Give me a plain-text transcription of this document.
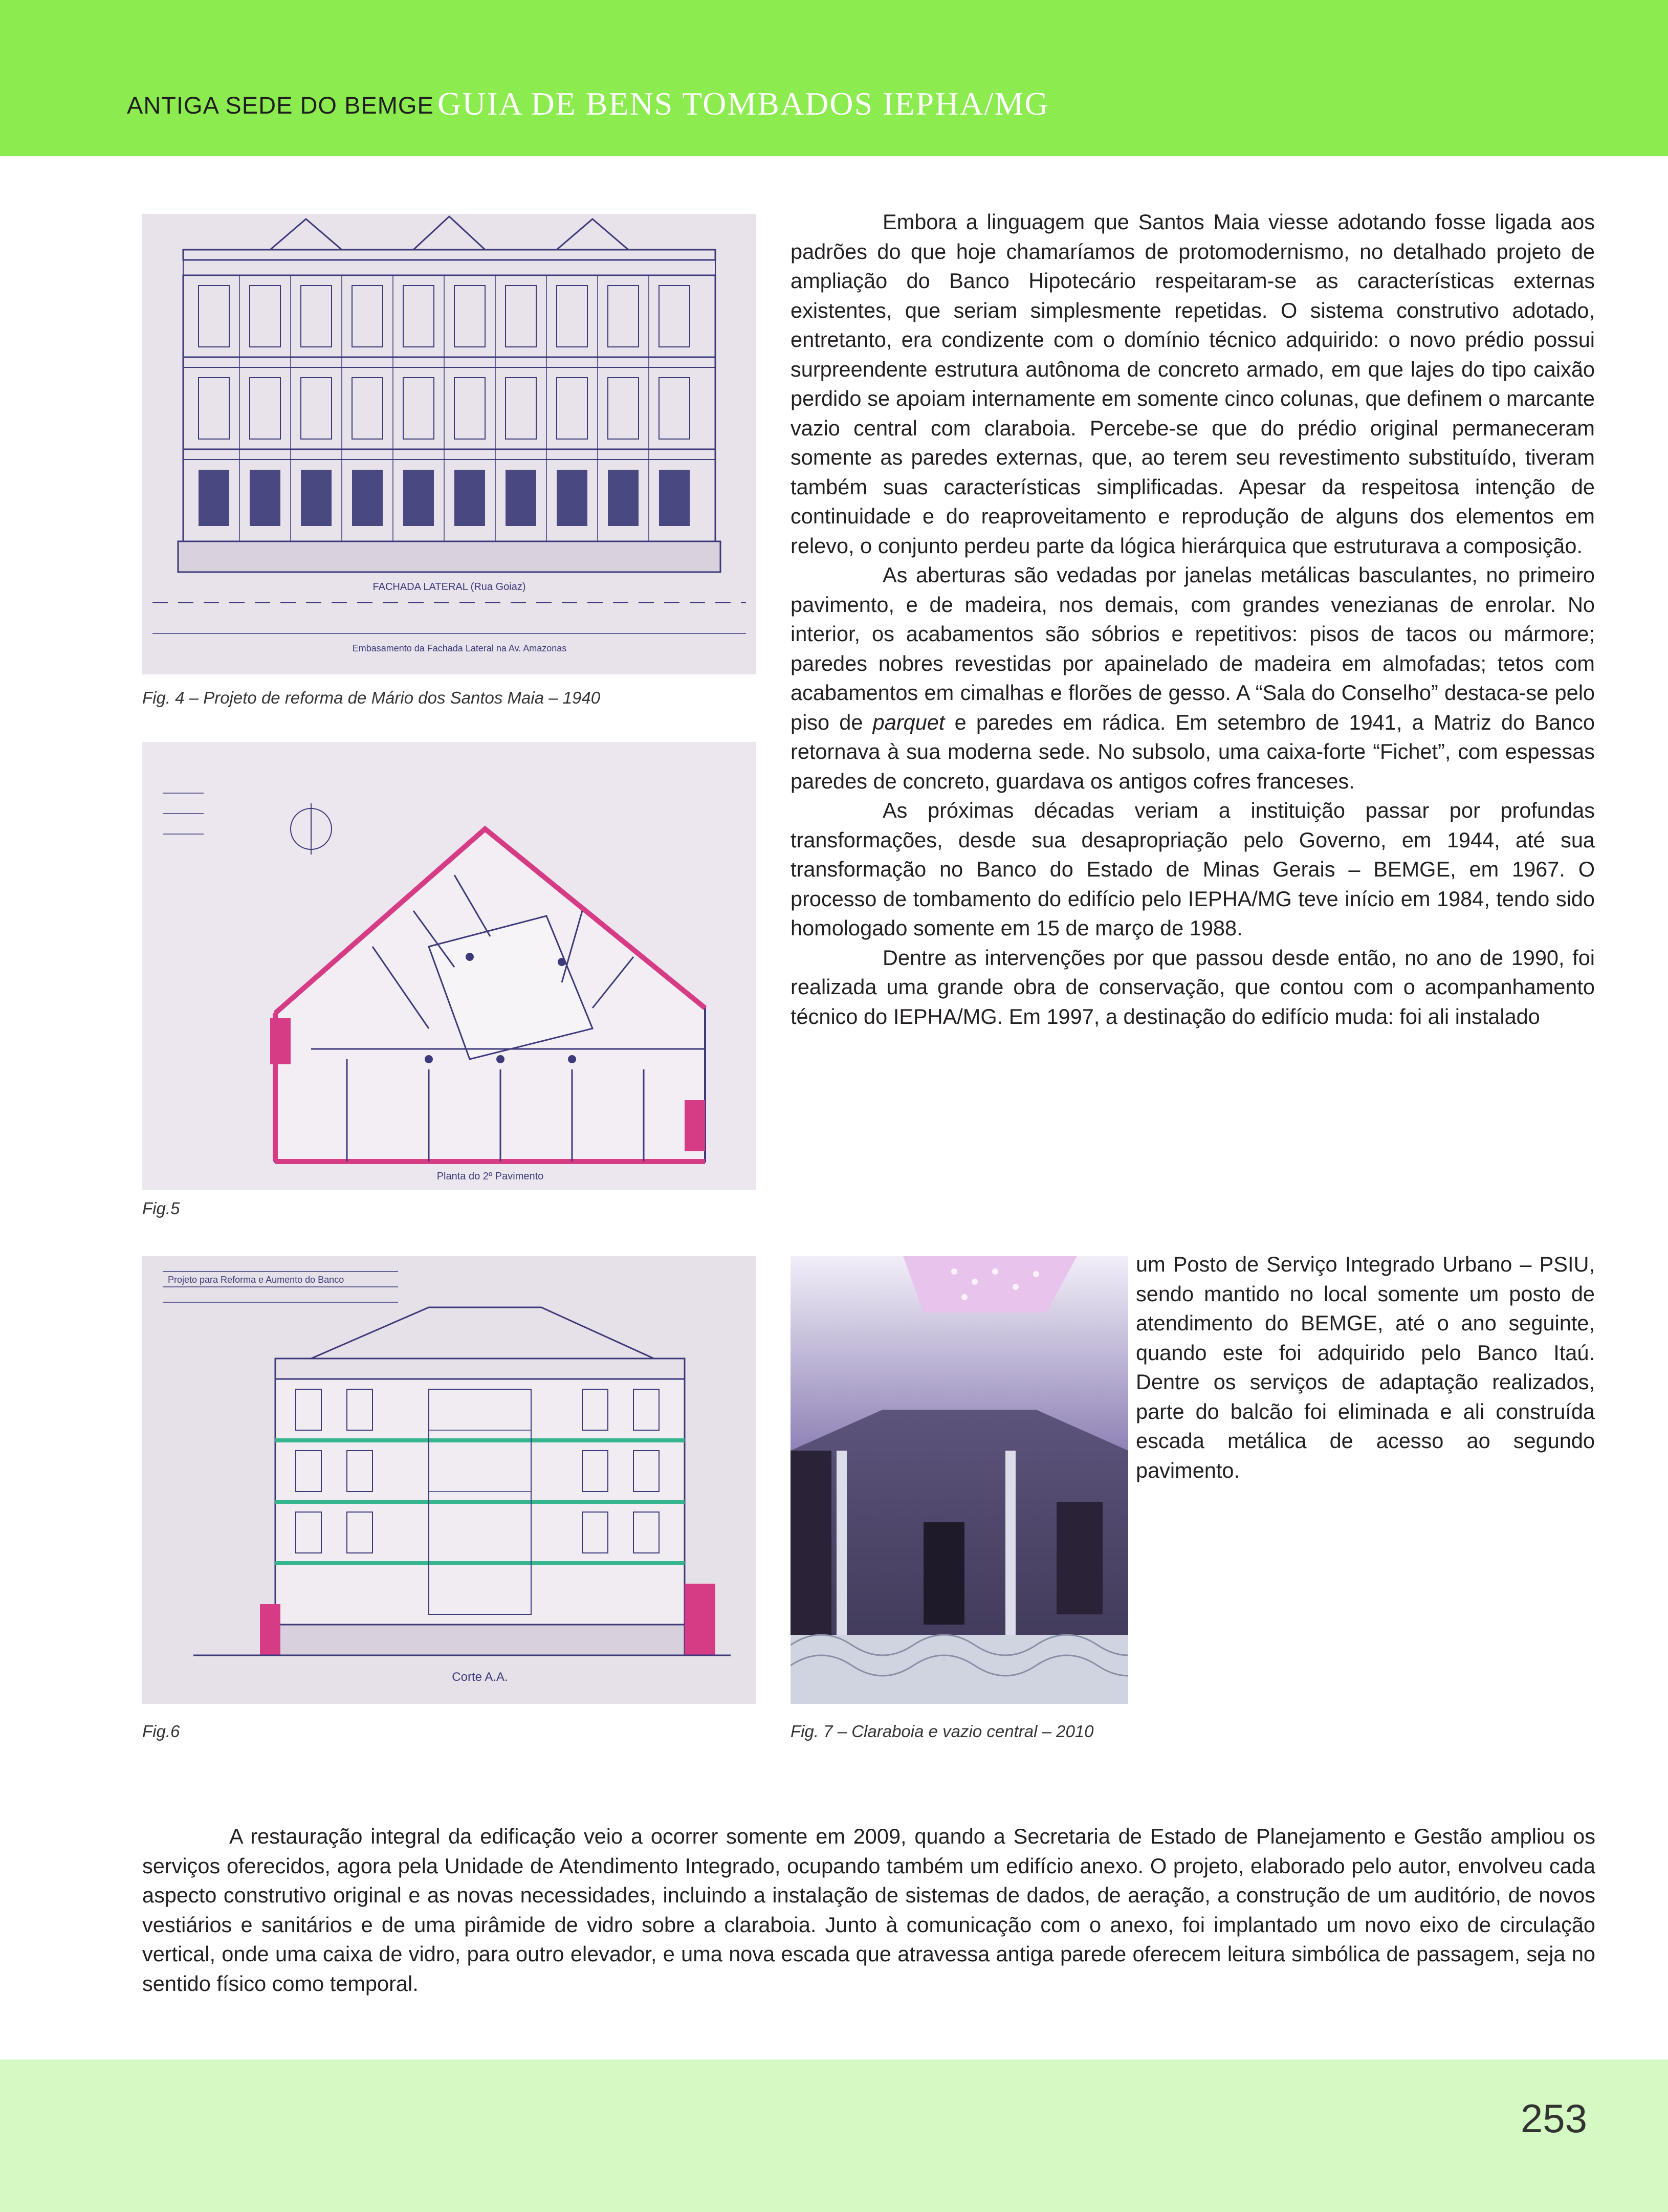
ANTIGA SEDE DO BEMGE GUIA DE BENS TOMBADOS IEPHA/MG
FACHADA LATERAL (Rua Goiaz)
Embasamento da Fachada Lateral na Av. Amazonas
Fig. 4 – Projeto de reforma de Mário dos Santos Maia – 1940
Planta do 2º Pavimento
Fig.5
Projeto para Reforma e Aumento do Banco
Corte A.A.
Fig.6	Fig. 7 – Claraboia e vazio central – 2010

Embora a linguagem que Santos Maia viesse adotando fosse ligada aos padrões do que hoje chamaríamos de protomodernismo, no detalhado projeto de ampliação do Banco Hipotecário respeitaram-se as características externas existentes, que seriam simplesmente repetidas. O sistema construtivo adotado, entretanto, era condizente com o domínio técnico adquirido: o novo prédio possui surpreendente estrutura autônoma de concreto armado, em que lajes do tipo caixão perdido se apoiam internamente em somente cinco colunas, que definem o marcante vazio central com claraboia. Percebe-se que do prédio original permaneceram somente as paredes externas, que, ao terem seu revestimento substituído, tiveram também suas características simplificadas. Apesar da respeitosa intenção de continuidade e do reaproveitamento e reprodução de alguns dos elementos em relevo, o conjunto perdeu parte da lógica hierárquica que estruturava a composição.

As aberturas são vedadas por janelas metálicas basculantes, no primeiro pavimento, e de madeira, nos demais, com grandes venezianas de enrolar. No interior, os acabamentos são sóbrios e repetitivos: pisos de tacos ou mármore; paredes nobres revestidas por apainelado de madeira em almofadas; tetos com acabamentos em cimalhas e florões de gesso. A “Sala do Conselho” destaca-se pelo piso de parquet e paredes em rádica. Em setembro de 1941, a Matriz do Banco retornava à sua moderna sede. No subsolo, uma caixa-forte “Fichet”, com espessas paredes de concreto, guardava os antigos cofres franceses.

As próximas décadas veriam a instituição passar por profundas transformações, desde sua desapropriação pelo Governo, em 1944, até sua transformação no Banco do Estado de Minas Gerais – BEMGE, em 1967. O processo de tombamento do edifício pelo IEPHA/MG teve início em 1984, tendo sido homologado somente em 15 de março de 1988.

Dentre as intervenções por que passou desde então, no ano de 1990, foi realizada uma grande obra de conservação, que contou com o acompanhamento técnico do IEPHA/MG. Em 1997, a destinação do edifício muda: foi ali instalado

um Posto de Serviço Integrado Urbano – PSIU, sendo mantido no local somente um posto de atendimento do BEMGE, até o ano seguinte, quando este foi adquirido pelo Banco Itaú. Dentre os serviços de adaptação realizados, parte do balcão foi eliminada e ali construída escada metálica de acesso ao segundo pavimento.

A restauração integral da edificação veio a ocorrer somente em 2009, quando a Secretaria de Estado de Planejamento e Gestão ampliou os serviços oferecidos, agora pela Unidade de Atendimento Integrado, ocupando também um edifício anexo. O projeto, elaborado pelo autor, envolveu cada aspecto construtivo original e as novas necessidades, incluindo a instalação de sistemas de dados, de aeração, a construção de um auditório, de novos vestiários e sanitários e de uma pirâmide de vidro sobre a claraboia. Junto à comunicação com o anexo, foi implantado um novo eixo de circulação vertical, onde uma caixa de vidro, para outro elevador, e uma nova escada que atravessa antiga parede oferecem leitura simbólica de passagem, seja no sentido físico como temporal.

253
